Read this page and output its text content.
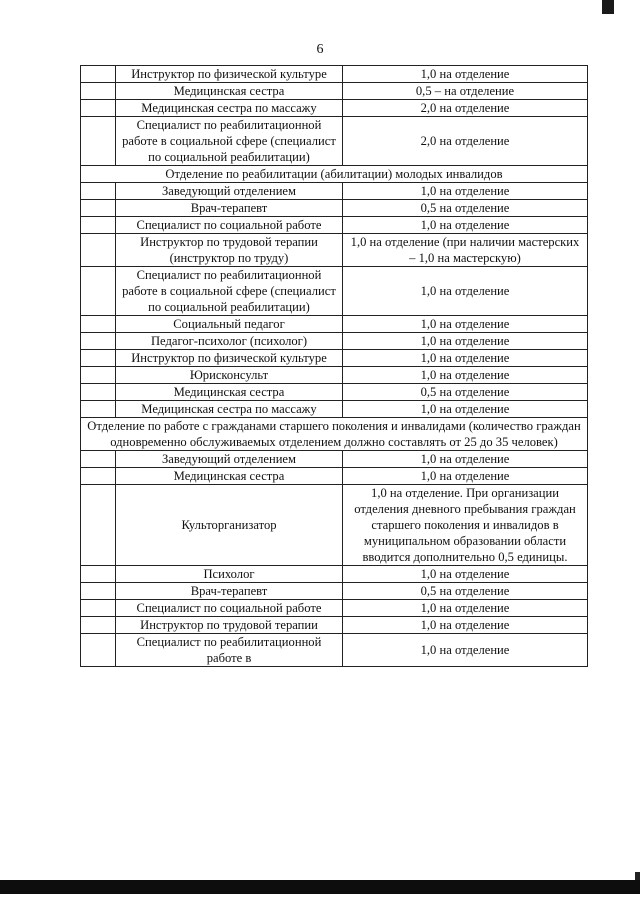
6
	Инструктор по физической культуре	1,0 на отделение
	Медицинская сестра	0,5 – на отделение
	Медицинская сестра по массажу	2,0 на отделение
	Специалист по реабилитационной работе в социальной сфере (специалист по социальной реабилитации)	2,0 на отделение
Отделение по реабилитации (абилитации) молодых инвалидов		
	Заведующий отделением	1,0 на отделение
	Врач-терапевт	0,5 на отделение
	Специалист по социальной работе	1,0 на отделение
	Инструктор по трудовой терапии (инструктор по труду)	1,0 на отделение (при наличии мастерских – 1,0 на мастерскую)
	Специалист по реабилитационной работе в социальной сфере (специалист по социальной реабилитации)	1,0 на отделение
	Социальный педагог	1,0 на отделение
	Педагог-психолог (психолог)	1,0 на отделение
	Инструктор по физической культуре	1,0 на отделение
	Юрисконсульт	1,0 на отделение
	Медицинская сестра	0,5 на отделение
	Медицинская сестра по массажу	1,0 на отделение
Отделение по работе с гражданами старшего поколения и инвалидами (количество граждан одновременно обслуживаемых отделением должно составлять от 25 до 35 человек)		
	Заведующий отделением	1,0 на отделение
	Медицинская сестра	1,0 на отделение
	Культорганизатор	1,0 на отделение. При организации отделения дневного пребывания граждан старшего поколения и инвалидов в муниципальном образовании области вводится дополнительно 0,5 единицы.
	Психолог	1,0 на отделение
	Врач-терапевт	0,5 на отделение
	Специалист по социальной работе	1,0 на отделение
	Инструктор по трудовой терапии	1,0 на отделение
	Специалист по реабилитационной работе в	1,0 на отделение
